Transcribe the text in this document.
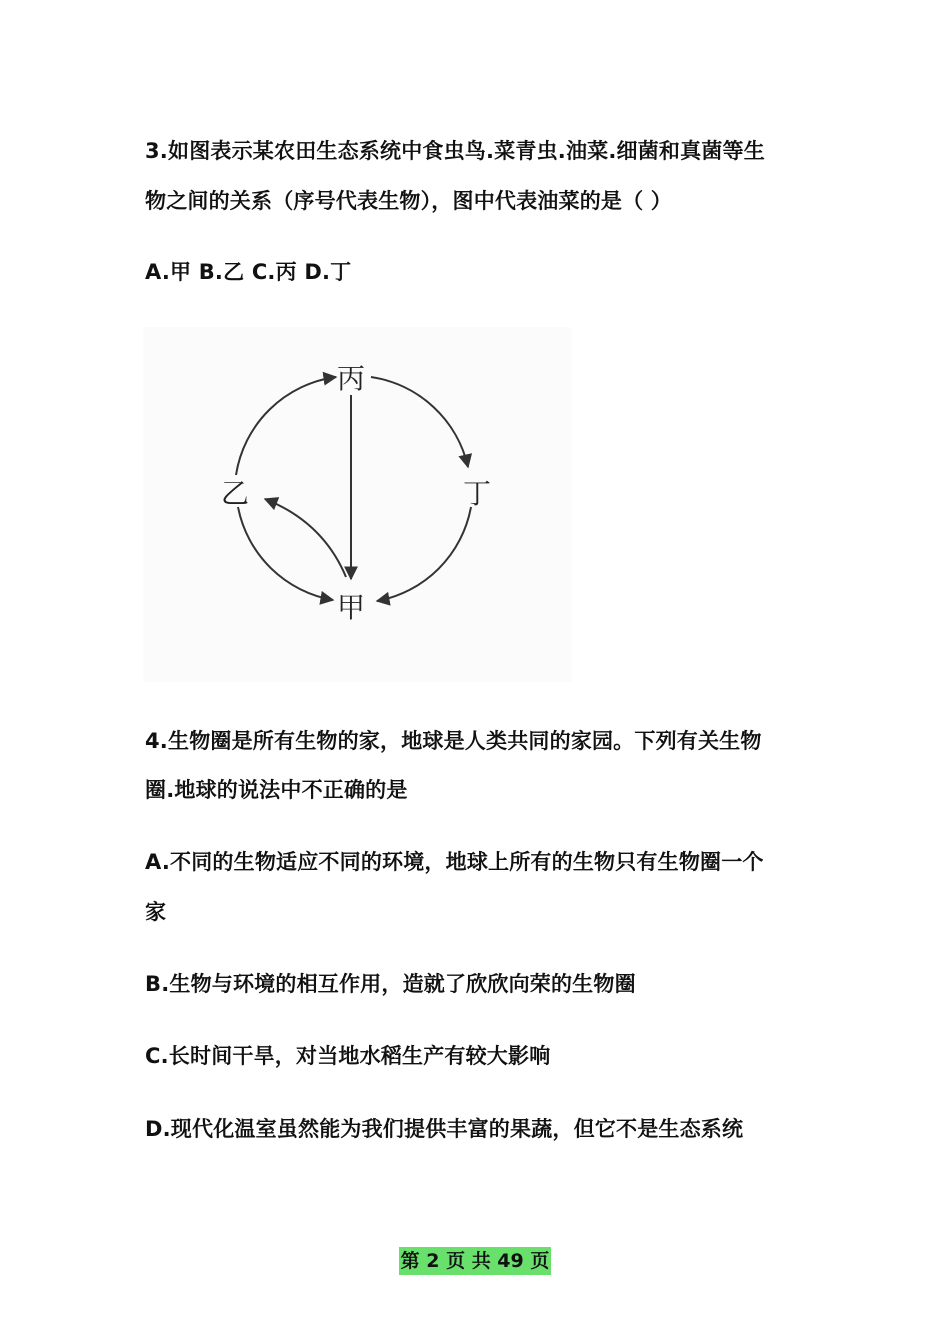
3.如图表示某农田生态系统中食虫鸟.菜青虫.油菜.细菌和真菌等生
物之间的关系（序号代表生物），图中代表油菜的是（ ）
A.甲 B.乙 C.丙 D.丁
丙
丁
甲
乙
4.生物圈是所有生物的家，地球是人类共同的家园。下列有关生物
圈.地球的说法中不正确的是
A.不同的生物适应不同的环境，地球上所有的生物只有生物圈一个
家
B.生物与环境的相互作用，造就了欣欣向荣的生物圈
C.长时间干旱，对当地水稻生产有较大影响
D.现代化温室虽然能为我们提供丰富的果蔬，但它不是生态系统
第 2 页 共 49 页
